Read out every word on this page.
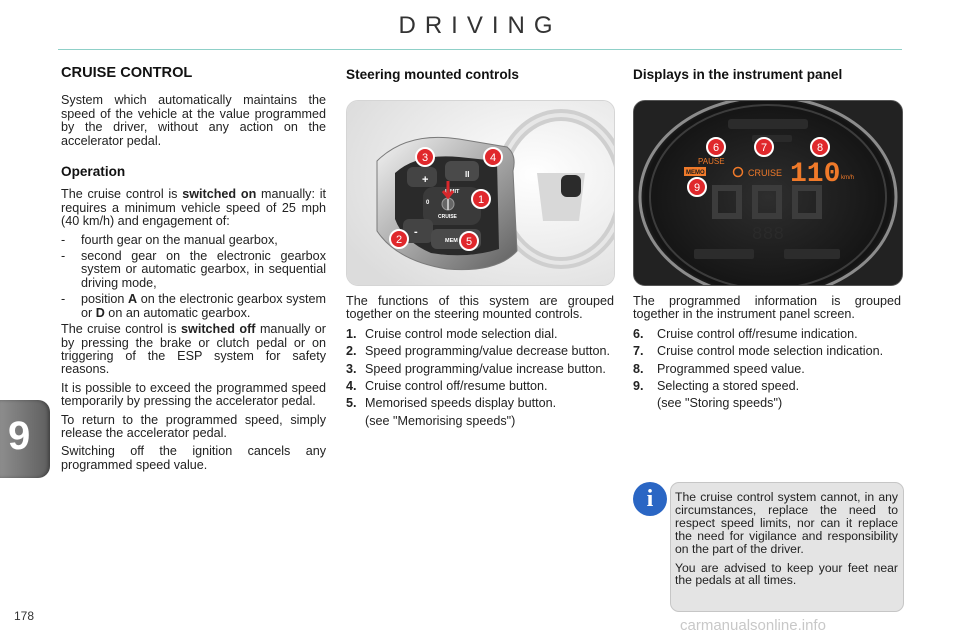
DRIVING
9
CRUISE CONTROL

System which automatically maintains the speed of the vehicle at the value programmed by the driver, without any action on the accelerator pedal.

Operation

The cruise control is switched on manually: it requires a minimum vehicle speed of 25 mph (40 km/h) and engagement of:

-	fourth gear on the manual gearbox,
-	second gear on the electronic gearbox system or automatic gearbox, in sequential driving mode,
-	position A on the electronic gearbox system or D on an automatic gearbox.

The cruise control is switched off manually or by pressing the brake or clutch pedal or on triggering of the ESP system for safety reasons.

It is possible to exceed the programmed speed temporarily by pressing the accelerator pedal.

To return to the programmed speed, simply release the accelerator pedal.

Switching off the ignition cancels any programmed speed value.

Steering mounted controls
+	II
LIMIT
0
CRUISE
-
MEM
3	4
1
2	5

The functions of this system are grouped together on the steering mounted controls.

1. Cruise control mode selection dial.
2. Speed programming/value decrease button.
3. Speed programming/value increase button.
4. Cruise control off/resume button.
5. Memorised speeds display button.
(see "Memorising speeds")
Displays in the instrument panel
888
PAUSE
MEMO	CRUISE 110 km/h
6	7	8
9

The programmed information is grouped together in the instrument panel screen.

6.	Cruise control off/resume indication.
7.	Cruise control mode selection indication.
8.	Programmed speed value.
9.	Selecting a stored speed.
(see "Storing speeds")
i	The cruise control system cannot, in any circumstances, replace the need to respect speed limits, nor can it replace the need for vigilance and responsibility on the part of the driver.

You are advised to keep your feet near the pedals at all times.

178
carmanualsonline.info
